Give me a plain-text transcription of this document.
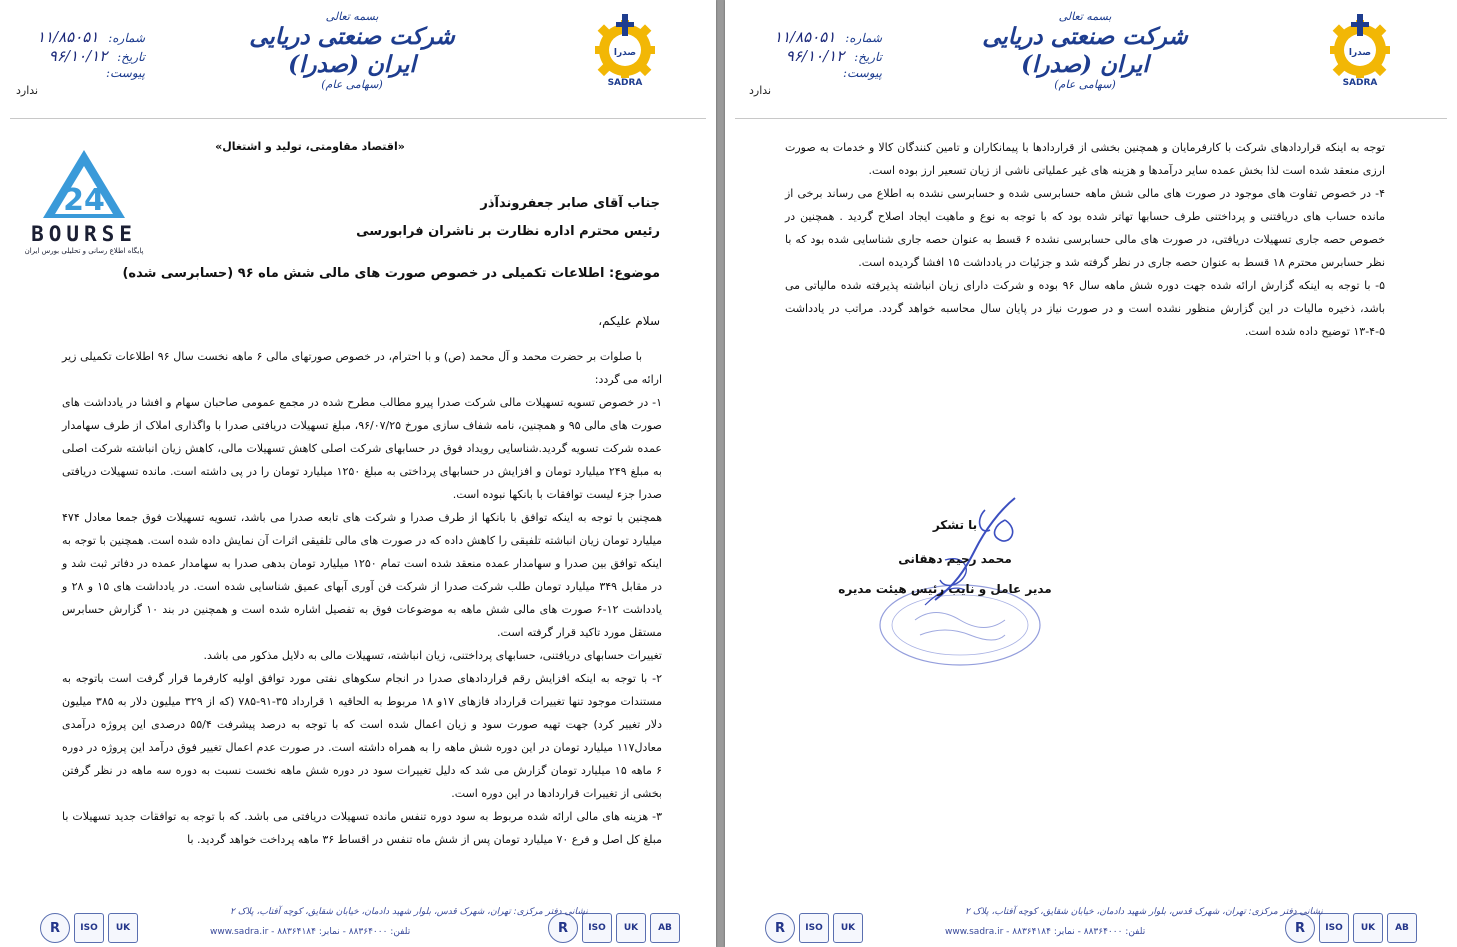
صدرا
SADRA
بسمه تعالی
شرکت صنعتی دریایی ایران (صدرا)
(سهامی عام)
شماره: ۱۱/۸۵۰۵۱
تاریخ: ۹۶/۱۰/۱۲
پیوست:
ندارد
«اقتصاد مقاومتی، تولید و اشتغال»
24
BOURSE
پایگاه اطلاع رسانی و تحلیلی بورس ایران
جناب آقای صابر جعفروندآذر
رئیس محترم اداره نظارت بر ناشران فرابورسی
موضوع: اطلاعات تکمیلی در خصوص صورت های مالی شش ماه ۹۶ (حسابرسی شده)
سلام علیکم،

با صلوات بر حضرت محمد و آل محمد (ص) و با احترام، در خصوص صورتهای مالی ۶ ماهه نخست سال ۹۶ اطلاعات تکمیلی زیر ارائه می گردد:

۱- در خصوص تسویه تسهیلات مالی شرکت صدرا پیرو مطالب مطرح شده در مجمع عمومی صاحبان سهام و افشا در یادداشت های صورت های مالی ۹۵ و همچنین، نامه شفاف سازی مورخ ۹۶/۰۷/۲۵، مبلغ تسهیلات دریافتی صدرا با واگذاری املاک از طرف سهامدار عمده شرکت تسویه گردید.شناسایی رویداد فوق در حسابهای شرکت اصلی کاهش تسهیلات مالی، کاهش زیان انباشته شرکت اصلی به مبلغ ۲۴۹ میلیارد تومان و افزایش در حسابهای پرداختی به مبلغ ۱۲۵۰ میلیارد تومان را در پی داشته است. مانده تسهیلات دریافتی صدرا جزء لیست توافقات با بانکها نبوده است.

همچنین با توجه به اینکه توافق با بانکها از طرف صدرا و شرکت های تابعه صدرا می باشد، تسویه تسهیلات فوق جمعا معادل ۴۷۴ میلیارد تومان زیان انباشته تلفیقی را کاهش داده که در صورت های مالی تلفیقی اثرات آن نمایش داده شده است. همچنین با توجه به اینکه توافق بین صدرا و سهامدار عمده منعقد شده است تمام ۱۲۵۰ میلیارد تومان بدهی صدرا به سهامدار عمده در دفاتر ثبت شد و در مقابل ۳۴۹ میلیارد تومان طلب شرکت صدرا از شرکت فن آوری آبهای عمیق شناسایی شده است. در یادداشت های ۱۵ و ۲۸ و یادداشت ۱۲-۶ صورت های مالی شش ماهه به موضوعات فوق به تفصیل اشاره شده است و همچنین در بند ۱۰ گزارش حسابرس مستقل مورد تاکید قرار گرفته است.

تغییرات حسابهای دریافتنی، حسابهای پرداختنی، زیان انباشته، تسهیلات مالی به دلایل مذکور می باشد.

۲- با توجه به اینکه افزایش رقم قراردادهای صدرا در انجام سکوهای نفتی مورد توافق اولیه کارفرما قرار گرفت است باتوجه به مستندات موجود تنها تغییرات قرارداد فازهای ۱۷و ۱۸ مربوط به الحاقیه ۱ قرارداد ۳۵-۹۱-۷۸۵ (که از ۳۲۹ میلیون دلار به ۳۸۵ میلیون دلار تغییر کرد) جهت تهیه صورت سود و زیان اعمال شده است که با توجه به درصد پیشرفت ۵۵/۴ درصدی این پروژه درآمدی معادل۱۱۷ میلیارد تومان در این دوره شش ماهه را به همراه داشته است. در صورت عدم اعمال تغییر فوق درآمد این پروژه در دوره ۶ ماهه ۱۵ میلیارد تومان گزارش می شد که دلیل تغییرات سود در دوره شش ماهه نخست نسبت به دوره سه ماهه در نظر گرفتن بخشی از تغییرات قراردادها در این دوره است.

۳- هزینه های مالی ارائه شده مربوط به سود دوره تنفس مانده تسهیلات دریافتی می باشد. که با توجه به توافقات جدید تسهیلات با مبلغ کل اصل و فرع ۷۰ میلیارد تومان پس از شش ماه تنفس در اقساط ۳۶ ماهه پرداخت خواهد گردید. با

R	ISO	UK	R	ISO	UK	AB
نشانی دفتر مرکزی: تهران، شهرک قدس، بلوار شهید دادمان، خیابان شقایق، کوچه آفتاب، پلاک ۲
www.sadra.ir - تلفن: ۸۸۳۶۴۰۰۰ - نمابر: ۸۸۳۶۴۱۸۴
صدرا
SADRA
بسمه تعالی
شرکت صنعتی دریایی ایران (صدرا)
(سهامی عام)
شماره: ۱۱/۸۵۰۵۱
تاریخ: ۹۶/۱۰/۱۲
پیوست:
ندارد

توجه به اینکه قراردادهای شرکت با کارفرمایان و همچنین بخشی از قراردادها با پیمانکاران و تامین کنندگان کالا و خدمات به صورت ارزی منعقد شده است لذا بخش عمده سایر درآمدها و هزینه های غیر عملیاتی ناشی از زیان تسعیر ارز بوده است.

۴- در خصوص تفاوت های موجود در صورت های مالی شش ماهه حسابرسی شده و حسابرسی نشده به اطلاع می رساند برخی از مانده حساب های دریافتنی و پرداختنی طرف حسابها تهاتر شده بود که با توجه به نوع و ماهیت ایجاد اصلاح گردید . همچنین در خصوص حصه جاری تسهیلات دریافتی، در صورت های مالی حسابرسی نشده ۶ قسط به عنوان حصه جاری شناسایی شده بود که با نظر حسابرس محترم ۱۸ قسط به عنوان حصه جاری در نظر گرفته شد و جزئیات در یادداشت ۱۵ افشا گردیده است.

۵- با توجه به اینکه گزارش ارائه شده جهت دوره شش ماهه سال ۹۶ بوده و شرکت دارای زیان انباشته پذیرفته شده مالیاتی می باشد، ذخیره مالیات در این گزارش منظور نشده است و در صورت نیاز در پایان سال محاسبه خواهد گردد. مراتب در یادداشت ۵-۴-۱۳ توضیح داده شده است.

با تشکر
محمد رحیم دهقانی
مدیر عامل و نایب رئیس هیئت مدیره
R	ISO	UK	R	ISO	UK	AB
نشانی دفتر مرکزی: تهران، شهرک قدس، بلوار شهید دادمان، خیابان شقایق، کوچه آفتاب، پلاک ۲
www.sadra.ir - تلفن: ۸۸۳۶۴۰۰۰ - نمابر: ۸۸۳۶۴۱۸۴
